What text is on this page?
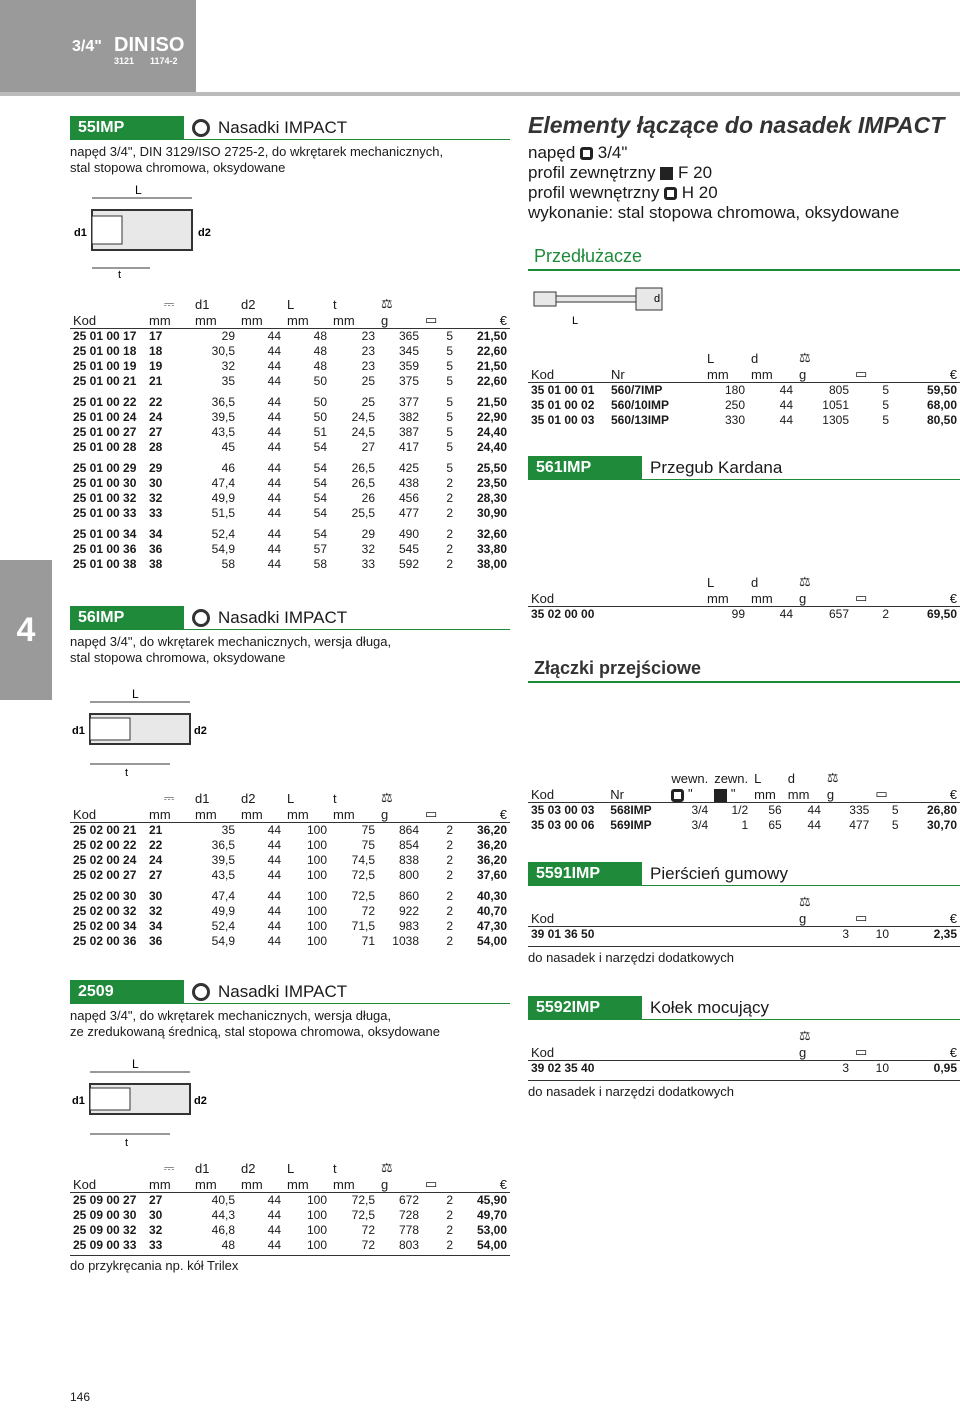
3/4" DIN
3121
ISO
1174-2
4
55IMP	Nasadki IMPACT
napęd 3/4", DIN 3129/ISO 2725-2, do wkrętarek mechanicznych,
stal stopowa chromowa, oksydowane
L
d1	d2
t
	⎓	d1	d2	L	t	⚖		
Kod	mm	mm	mm	mm	mm	g	▭	€
25 01 00 17	17	29	44	48	23	365	5	21,50
25 01 00 18	18	30,5	44	48	23	345	5	22,60
25 01 00 19	19	32	44	48	23	359	5	21,50
25 01 00 21	21	35	44	50	25	375	5	22,60

25 01 00 22	22	36,5	44	50	25	377	5	21,50
25 01 00 24	24	39,5	44	50	24,5	382	5	22,90
25 01 00 27	27	43,5	44	51	24,5	387	5	24,40
25 01 00 28	28	45	44	54	27	417	5	24,40

25 01 00 29	29	46	44	54	26,5	425	5	25,50
25 01 00 30	30	47,4	44	54	26,5	438	2	23,50
25 01 00 32	32	49,9	44	54	26	456	2	28,30
25 01 00 33	33	51,5	44	54	25,5	477	2	30,90

25 01 00 34	34	52,4	44	54	29	490	2	32,60
25 01 00 36	36	54,9	44	57	32	545	2	33,80
25 01 00 38	38	58	44	58	33	592	2	38,00
56IMP	Nasadki IMPACT
napęd 3/4", do wkrętarek mechanicznych, wersja długa,
stal stopowa chromowa, oksydowane
L
d1	d2
t
	⎓	d1	d2	L	t	⚖		
Kod	mm	mm	mm	mm	mm	g	▭	€
25 02 00 21	21	35	44	100	75	864	2	36,20
25 02 00 22	22	36,5	44	100	75	854	2	36,20
25 02 00 24	24	39,5	44	100	74,5	838	2	36,20
25 02 00 27	27	43,5	44	100	72,5	800	2	37,60

25 02 00 30	30	47,4	44	100	72,5	860	2	40,30
25 02 00 32	32	49,9	44	100	72	922	2	40,70
25 02 00 34	34	52,4	44	100	71,5	983	2	47,30
25 02 00 36	36	54,9	44	100	71	1038	2	54,00
2509	Nasadki IMPACT
napęd 3/4", do wkrętarek mechanicznych, wersja długa,
ze zredukowaną średnicą, stal stopowa chromowa, oksydowane
L
d1	d2
t
	⎓	d1	d2	L	t	⚖		
Kod	mm	mm	mm	mm	mm	g	▭	€
25 09 00 27	27	40,5	44	100	72,5	672	2	45,90
25 09 00 30	30	44,3	44	100	72,5	728	2	49,70
25 09 00 32	32	46,8	44	100	72	778	2	53,00
25 09 00 33	33	48	44	100	72	803	2	54,00
do przykręcania np. kół Trilex
146
Elementy łączące do nasadek IMPACT
napęd 3/4"
profil zewnętrzny F 20
profil wewnętrzny H 20
wykonanie: stal stopowa chromowa, oksydowane
Przedłużacze
d
L
		L	d	⚖		
Kod	Nr	mm	mm	g	▭	€
35 01 00 01	560/7IMP	180	44	805	5	59,50
35 01 00 02	560/10IMP	250	44	1051	5	68,00
35 01 00 03	560/13IMP	330	44	1305	5	80,50
561IMP	Przegub Kardana
	L	d	⚖		
Kod	mm	mm	g	▭	€
35 02 00 00	99	44	657	2	69,50
Złączki przejściowe
		wewn.	zewn.	L	d	⚖		
Kod	Nr	"	"	mm	mm	g	▭	€
35 03 00 03	568IMP	3/4	1/2	56	44	335	5	26,80
35 03 00 06	569IMP	3/4	1	65	44	477	5	30,70
5591IMP	Pierścień gumowy
	⚖		
Kod	g	▭	€
39 01 36 50	3	10	2,35
do nasadek i narzędzi dodatkowych
5592IMP	Kołek mocujący
	⚖		
Kod	g	▭	€
39 02 35 40	3	10	0,95
do nasadek i narzędzi dodatkowych
